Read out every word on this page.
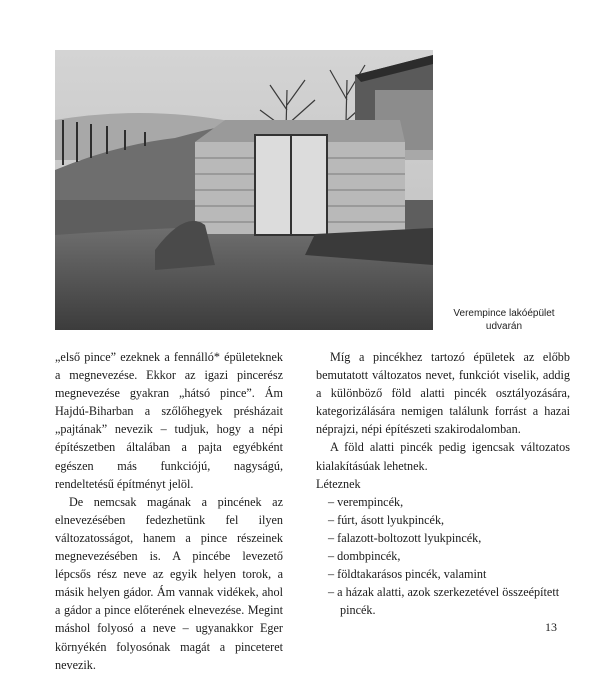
Verempince lakóépület
udvarán

„első pince” ezeknek a fennálló* épületeknek a megnevezése. Ekkor az igazi pincerész megnevezése gyakran „hátsó pince”. Ám Hajdú-Biharban a szőlőhegyek présházait „pajtának” nevezik – tudjuk, hogy a népi építészetben általában a pajta egyébként egészen más funkciójú, nagyságú, rendeltetésű építményt jelöl.

De nemcsak magának a pincének az elnevezésében fedezhetünk fel ilyen változatosságot, hanem a pince részeinek megnevezésében is. A pincébe levezető lépcsős rész neve az egyik helyen torok, a másik helyen gádor. Ám vannak vidékek, ahol a gádor a pince előterének elnevezése. Megint máshol folyosó a neve – ugyanakkor Eger környékén folyosónak magát a pinceteret nevezik.

Míg a pincékhez tartozó épületek az előbb bemutatott változatos nevet, funkciót viselik, addig a különböző föld alatti pincék osztályozására, kategorizálására nemigen találunk forrást a hazai néprajzi, népi építészeti szakirodalomban.

A föld alatti pincék pedig igencsak változatos kialakításúak lehetnek.

Léteznek

– verempincék,
– fúrt, ásott lyukpincék,
– falazott-boltozott lyukpincék,
– dombpincék,
– földtakarásos pincék, valamint
– a házak alatti, azok szerkezetével összeépített pincék.
13
